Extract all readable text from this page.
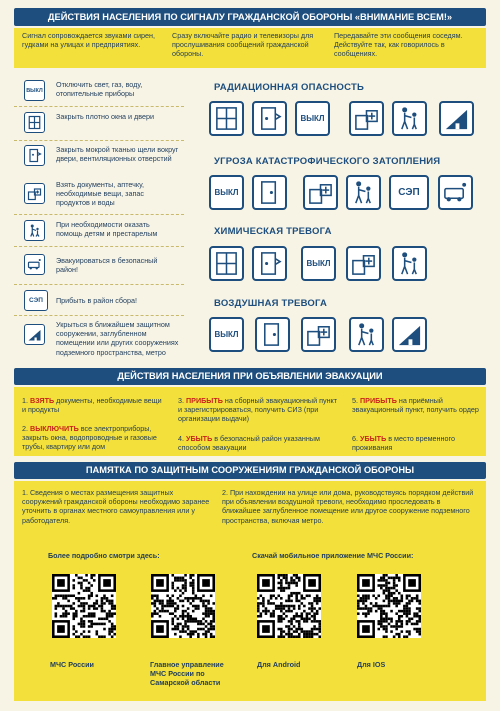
ДЕЙСТВИЯ НАСЕЛЕНИЯ ПО СИГНАЛУ ГРАЖДАНСКОЙ ОБОРОНЫ «ВНИМАНИЕ ВСЕМ!»
Сигнал сопровождается звуками сирен, гудками на улицах и предприятиях.
Сразу включайте радио и телевизоры для прослушивания сообщений гражданской обороны.
Передавайте эти сообщения соседям. Действуйте так, как говорилось в сообщениях.
ВЫКЛ
Отключить свет, газ, воду, отопительные приборы
Закрыть плотно окна и двери
Закрыть мокрой тканью щели вокруг двери, вентиляционных отверстий
Взять документы, аптечку, необходимые вещи, запас продуктов и воды
При необходимости оказать помощь детям и престарелым
Эвакуироваться в безопасный район!
СЭП Прибыть в район сбора!
Укрыться в ближайшем защитном сооружении, заглубленном помещении или других сооружениях подземного пространства, метро
РАДИАЦИОННАЯ ОПАСНОСТЬ
ВЫКЛ
УГРОЗА КАТАСТРОФИЧЕСКОГО ЗАТОПЛЕНИЯ
ВЫКЛ	СЭП
ХИМИЧЕСКАЯ ТРЕВОГА
ВЫКЛ
ВОЗДУШНАЯ ТРЕВОГА
ВЫКЛ
ДЕЙСТВИЯ НАСЕЛЕНИЯ ПРИ ОБЪЯВЛЕНИИ ЭВАКУАЦИИ
1. ВЗЯТЬ документы, необходимые вещи и продукты
2. ВЫКЛЮЧИТЬ все электроприборы, закрыть окна, водопроводные и газовые трубы, квартиру или дом
3. ПРИБЫТЬ на сборный эвакуационный пункт и зарегистрироваться, получить СИЗ (при организации выдачи)
4. УБЫТЬ в безопасный район указанным способом эвакуации
5. ПРИБЫТЬ на приёмный эвакуационный пункт, получить ордер
6. УБЫТЬ в место временного проживания
ПАМЯТКА ПО ЗАЩИТНЫМ СООРУЖЕНИЯМ ГРАЖДАНСКОЙ ОБОРОНЫ
1. Сведения о местах размещения защитных сооружений гражданской обороны необходимо заранее уточнить в органах местного самоуправления или у работодателя.
2. При нахождении на улице или дома, руководствуясь порядком действий при объявлении воздушной тревоги, необходимо проследовать в ближайшее заглубленное помещение или другое сооружение подземного пространства, включая метро.
Более подробно смотри здесь:	Скачай мобильное приложение МЧС России:
МЧС России	Главное управление МЧС России по Самарской области
Для Android	Для IOS
